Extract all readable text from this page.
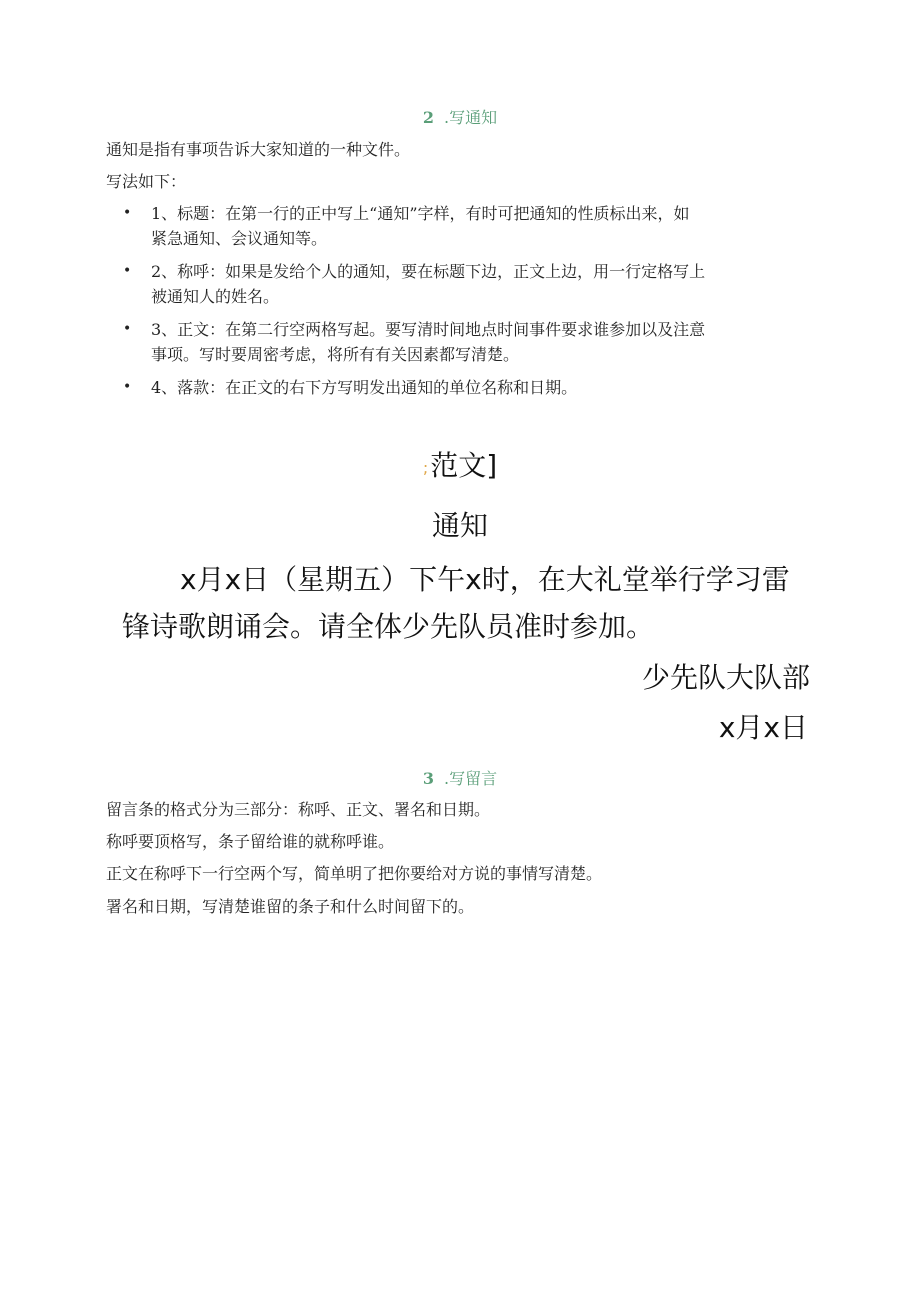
2 .写通知
通知是指有事项告诉大家知道的一种文件。
写法如下：
• 1、标题：在第一行的正中写上“通知”字样，有时可把通知的性质标出来，如
紧急通知、会议通知等。
• 2、称呼：如果是发给个人的通知，要在标题下边，正文上边，用一行定格写上
被通知人的姓名。
• 3、正文：在第二行空两格写起。要写清时间地点时间事件要求谁参加以及注意
事项。写时要周密考虑，将所有有关因素都写清楚。
• 4、落款：在正文的右下方写明发出通知的单位名称和日期。
;范文]
通知
x月x日（星期五）下午x时，在大礼堂举行学习雷
锋诗歌朗诵会。请全体少先队员准时参加。
少先队大队部
x月x日
3 .写留言
留言条的格式分为三部分：称呼、正文、署名和日期。
称呼要顶格写，条子留给谁的就称呼谁。
正文在称呼下一行空两个写，简单明了把你要给对方说的事情写清楚。
署名和日期，写清楚谁留的条子和什么时间留下的。
